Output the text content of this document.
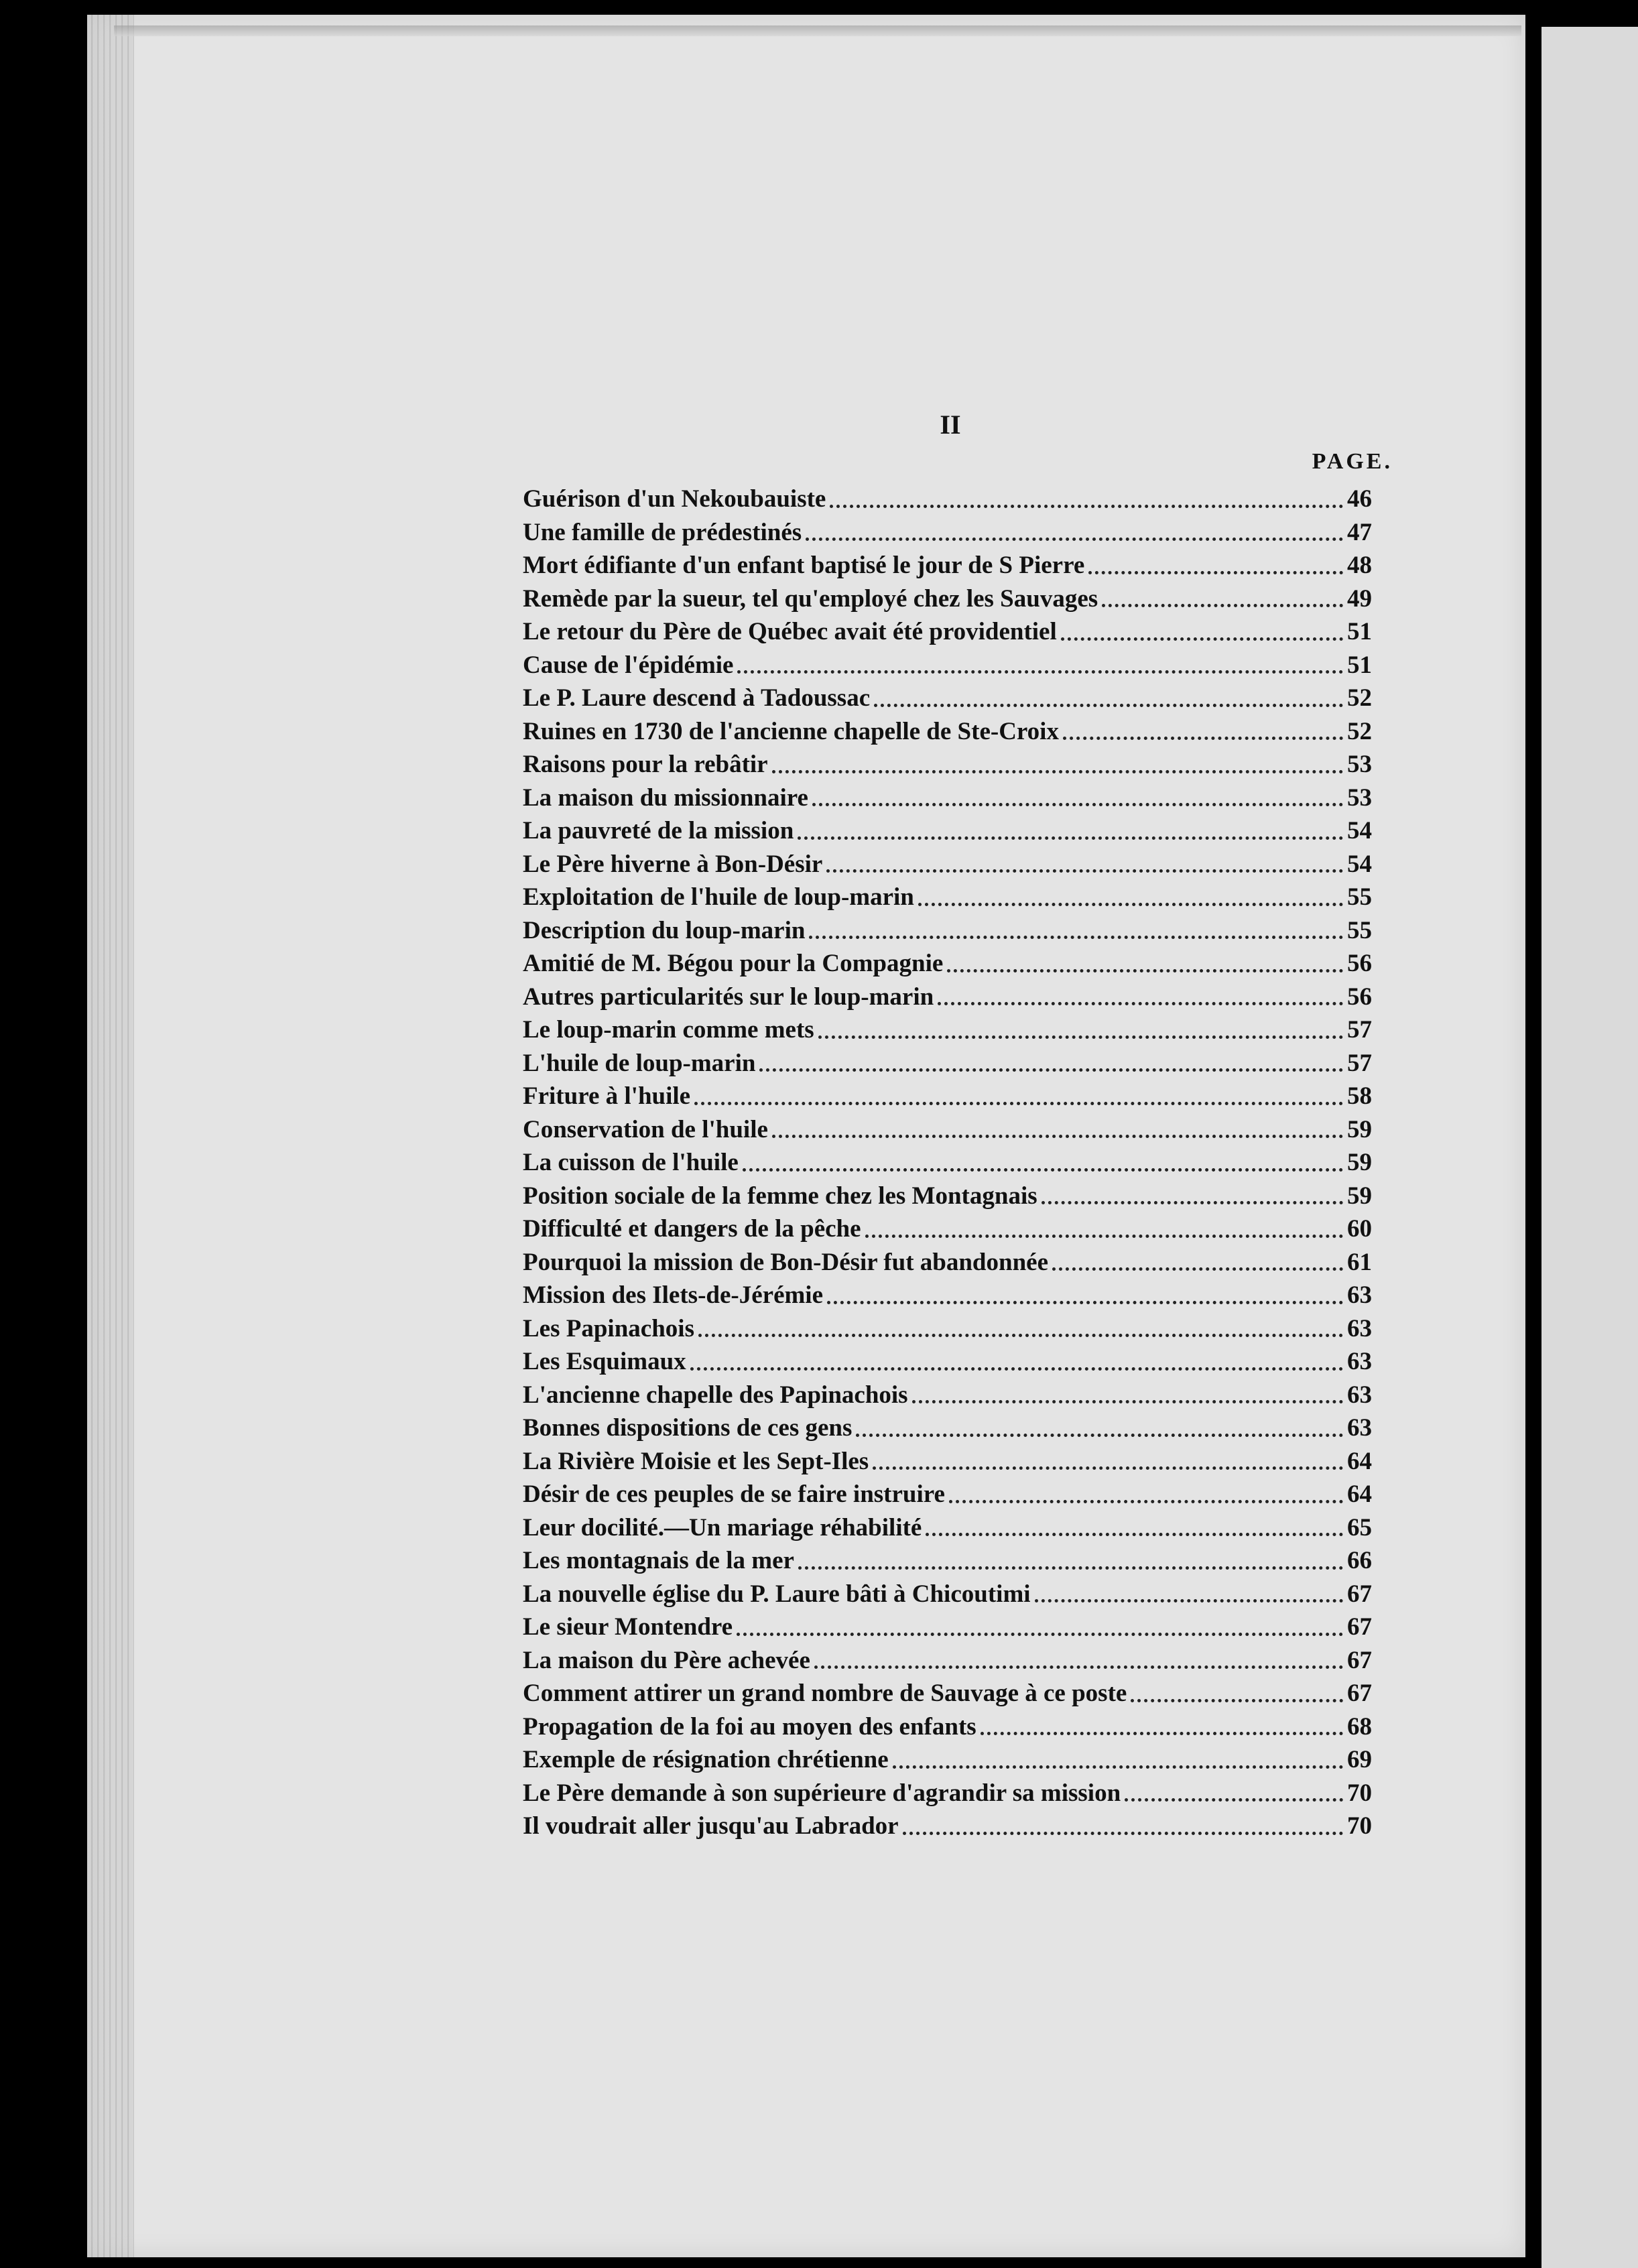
II
PAGE.
Guérison d'un Nekoubauiste	46
Une famille de prédestinés	47
Mort édifiante d'un enfant baptisé le jour de S Pierre	48
Remède par la sueur, tel qu'employé chez les Sauvages	49
Le retour du Père de Québec avait été providentiel	51
Cause de l'épidémie	51
Le P. Laure descend à Tadoussac	52
Ruines en 1730 de l'ancienne chapelle de Ste-Croix	52
Raisons pour la rebâtir	53
La maison du missionnaire	53
La pauvreté de la mission	54
Le Père hiverne à Bon-Désir	54
Exploitation de l'huile de loup-marin	55
Description du loup-marin	55
Amitié de M. Bégou pour la Compagnie	56
Autres particularités sur le loup-marin	56
Le loup-marin comme mets	57
L'huile de loup-marin	57
Friture à l'huile	58
Conservation de l'huile	59
La cuisson de l'huile	59
Position sociale de la femme chez les Montagnais	59
Difficulté et dangers de la pêche	60
Pourquoi la mission de Bon-Désir fut abandonnée	61
Mission des Ilets-de-Jérémie	63
Les Papinachois	63
Les Esquimaux	63
L'ancienne chapelle des Papinachois	63
Bonnes dispositions de ces gens	63
La Rivière Moisie et les Sept-Iles	64
Désir de ces peuples de se faire instruire	64
Leur docilité.—Un mariage réhabilité	65
Les montagnais de la mer	66
La nouvelle église du P. Laure bâti à Chicoutimi	67
Le sieur Montendre	67
La maison du Père achevée	67
Comment attirer un grand nombre de Sauvage à ce poste	67
Propagation de la foi au moyen des enfants	68
Exemple de résignation chrétienne	69
Le Père demande à son supérieure d'agrandir sa mission	70
Il voudrait aller jusqu'au Labrador	70
